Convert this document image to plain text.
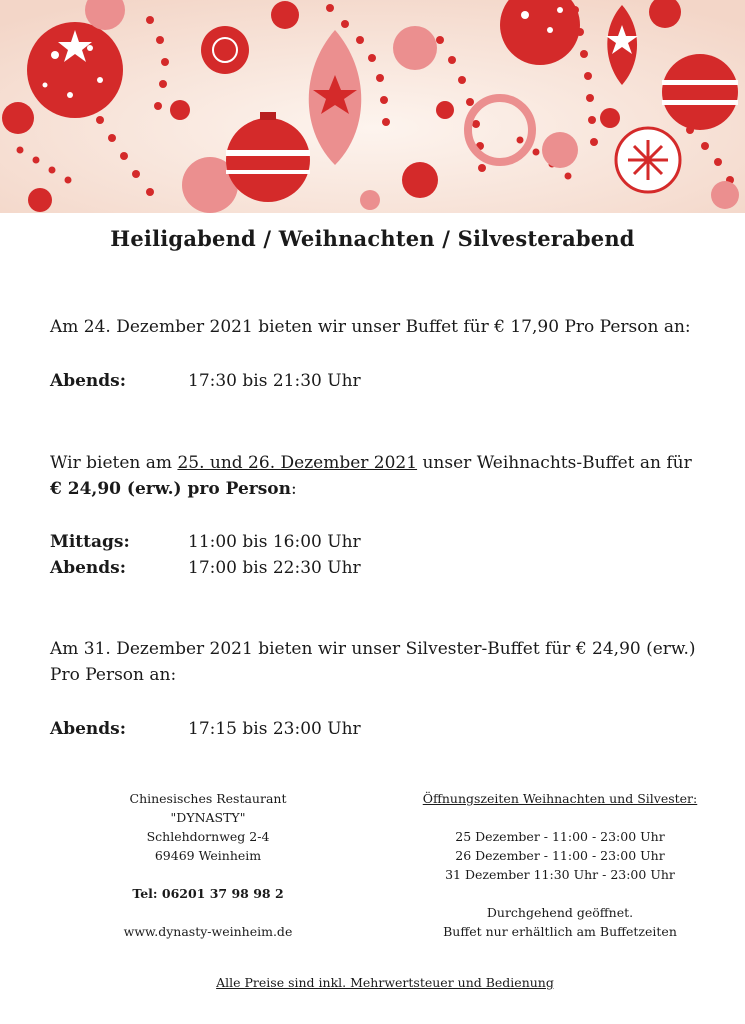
Heiligabend / Weihnachten / Silvesterabend
Am 24. Dezember 2021 bieten wir unser Buffet für € 17,90 Pro Person an:
Abends:	17:30 bis 21:30 Uhr
Wir bieten am 25. und 26. Dezember 2021 unser Weihnachts-Buffet an für
€ 24,90 (erw.) pro Person:
Mittags:	11:00 bis 16:00 Uhr
Abends:	17:00 bis 22:30 Uhr
Am 31. Dezember 2021 bieten wir unser Silvester-Buffet für € 24,90 (erw.)
Pro Person an:
Abends:	17:15 bis 23:00 Uhr
Chinesisches Restaurant
"DYNASTY"
Schlehdornweg 2-4
69469 Weinheim
Tel: 06201 37 98 98 2
www.dynasty-weinheim.de
Öffnungszeiten Weihnachten und Silvester:
25 Dezember - 11:00 - 23:00 Uhr
26 Dezember - 11:00 - 23:00 Uhr
31 Dezember 11:30 Uhr - 23:00 Uhr
Durchgehend geöffnet.
Buffet nur erhältlich am Buffetzeiten
Alle Preise sind inkl. Mehrwertsteuer und Bedienung
